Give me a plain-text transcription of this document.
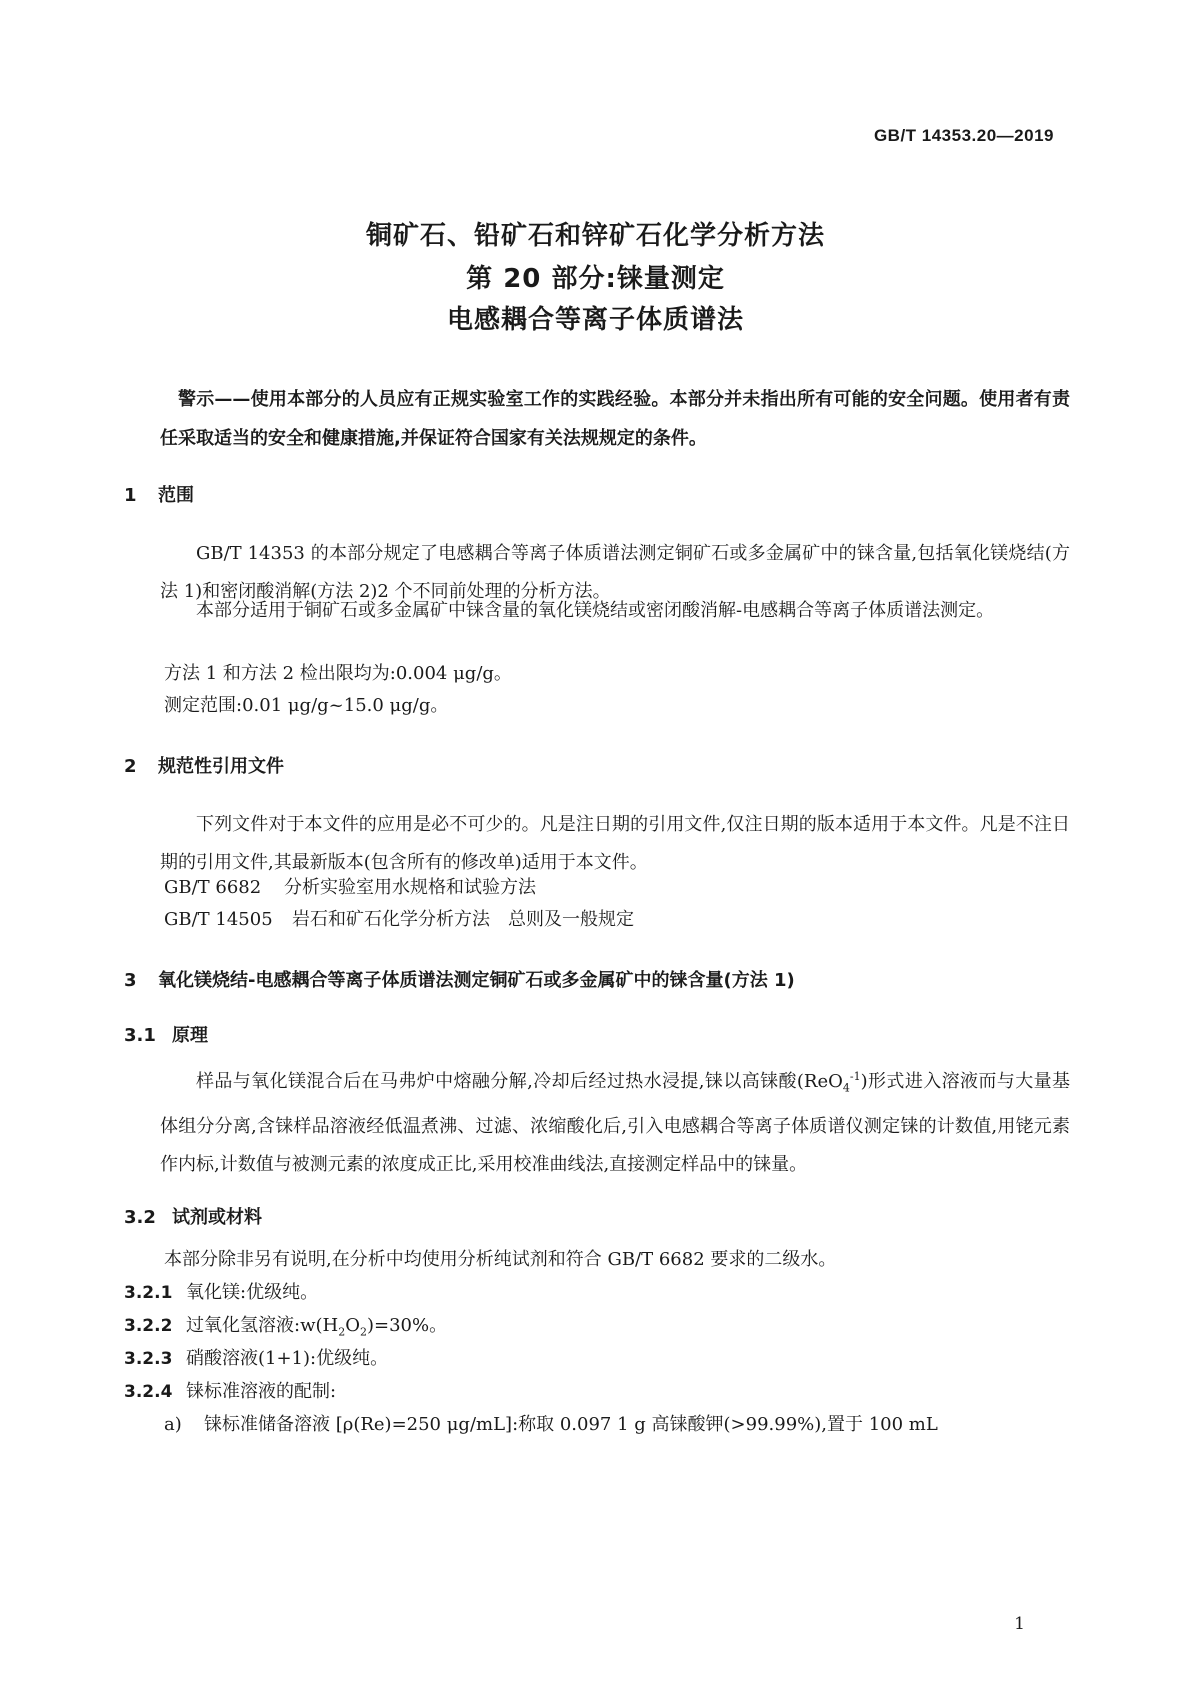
GB/T 14353.20—2019
铜矿石、铅矿石和锌矿石化学分析方法
第 20 部分:铼量测定
电感耦合等离子体质谱法
警示——使用本部分的人员应有正规实验室工作的实践经验。本部分并未指出所有可能的安全问题。使用者有责任采取适当的安全和健康措施,并保证符合国家有关法规规定的条件。
1 范围
GB/T 14353 的本部分规定了电感耦合等离子体质谱法测定铜矿石或多金属矿中的铼含量,包括氧化镁烧结(方法 1)和密闭酸消解(方法 2)2 个不同前处理的分析方法。
本部分适用于铜矿石或多金属矿中铼含量的氧化镁烧结或密闭酸消解-电感耦合等离子体质谱法测定。
方法 1 和方法 2 检出限均为:0.004 μg/g。
测定范围:0.01 μg/g~15.0 μg/g。
2 规范性引用文件
下列文件对于本文件的应用是必不可少的。凡是注日期的引用文件,仅注日期的版本适用于本文件。凡是不注日期的引用文件,其最新版本(包含所有的修改单)适用于本文件。
GB/T 6682 分析实验室用水规格和试验方法
GB/T 14505 岩石和矿石化学分析方法　总则及一般规定
3 氧化镁烧结-电感耦合等离子体质谱法测定铜矿石或多金属矿中的铼含量(方法 1)
3.1 原理
样品与氧化镁混合后在马弗炉中熔融分解,冷却后经过热水浸提,铼以高铼酸(ReO$_4^{-1}$)形式进入溶液而与大量基体组分分离,含铼样品溶液经低温煮沸、过滤、浓缩酸化后,引入电感耦合等离子体质谱仪测定铼的计数值,用铑元素作内标,计数值与被测元素的浓度成正比,采用校准曲线法,直接测定样品中的铼量。
3.2 试剂或材料
本部分除非另有说明,在分析中均使用分析纯试剂和符合 GB/T 6682 要求的二级水。
3.2.1 氧化镁:优级纯。
3.2.2 过氧化氢溶液$:w(H_2O_2)=30\%$。
3.2.3 硝酸溶液(1+1):优级纯。
3.2.4 铼标准溶液的配制:
a) 铼标准储备溶液 [ρ(Re)=250 μg/mL]:称取 0.097 1 g 高铼酸钾(>99.99%),置于 100 mL
1
